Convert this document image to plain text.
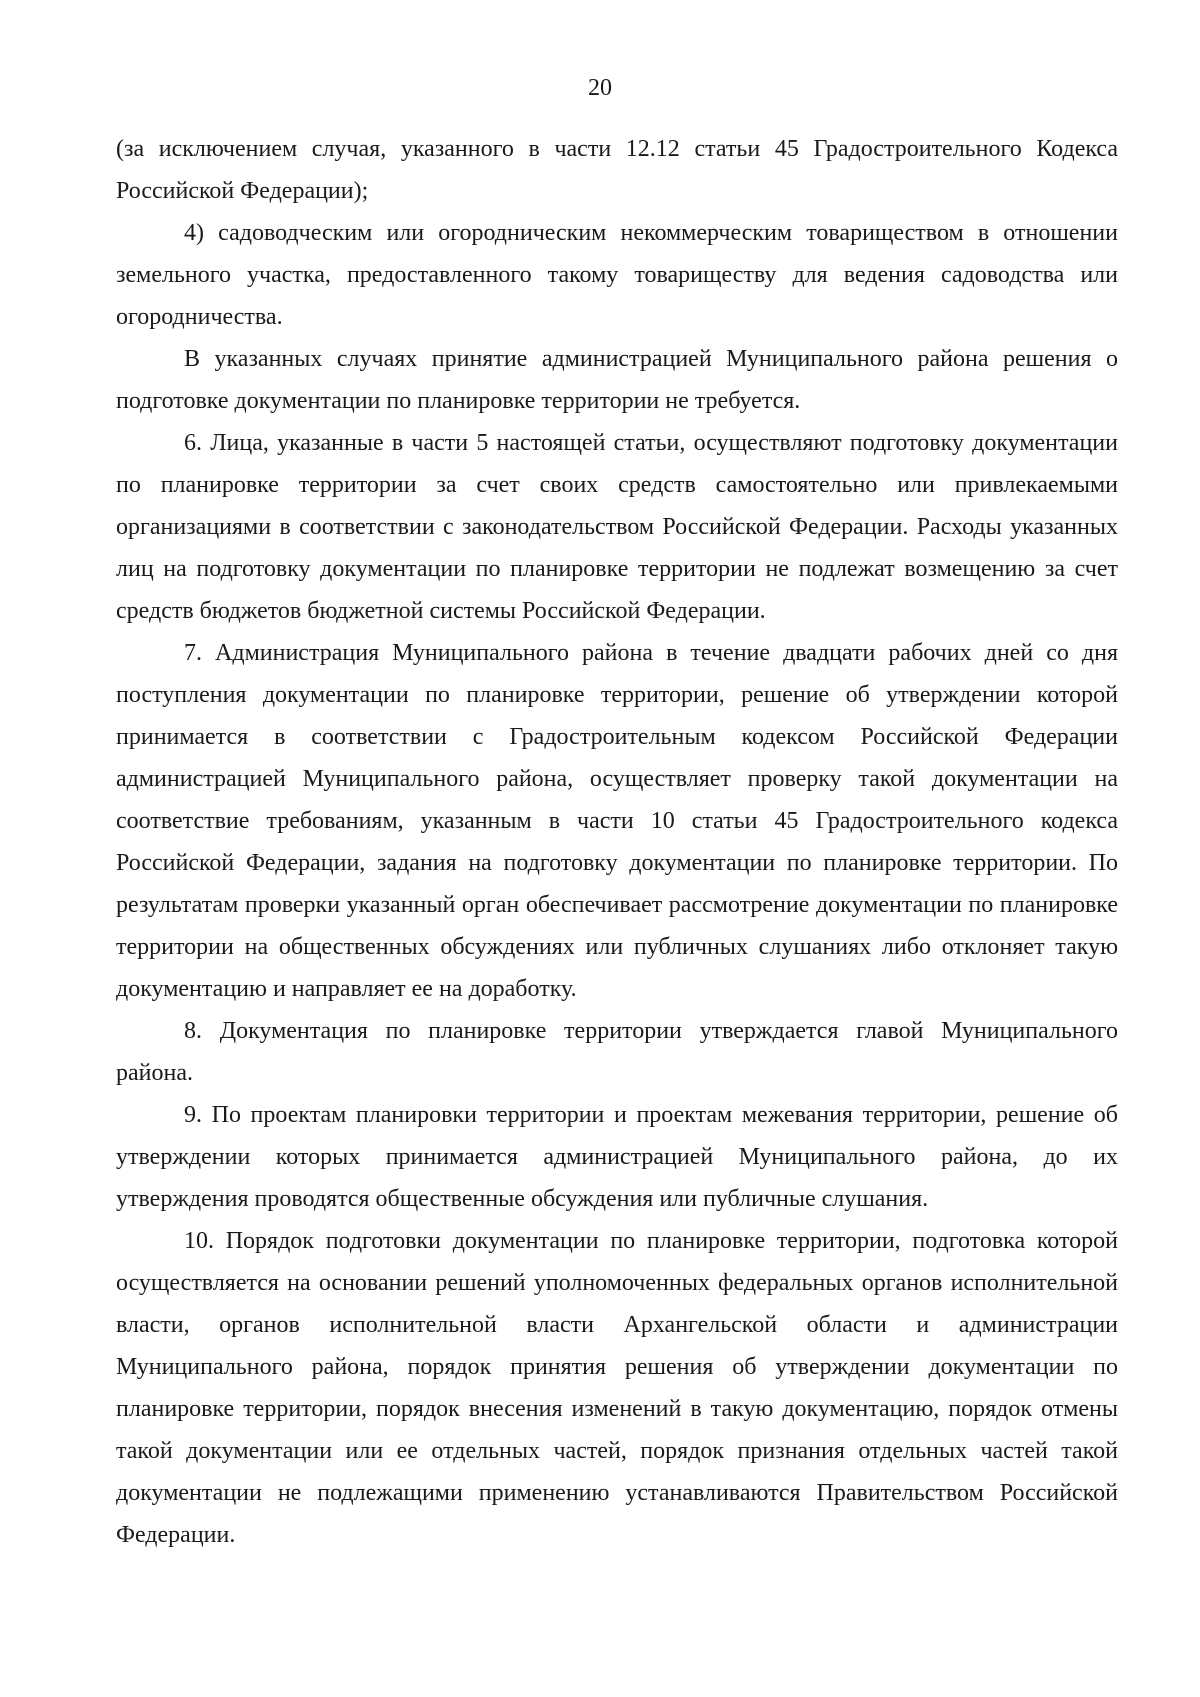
20

(за исключением случая, указанного в части 12.12 статьи 45 Градостроительного Кодекса Российской Федерации);

4) садоводческим или огородническим некоммерческим товариществом в отношении земельного участка, предоставленного такому товариществу для ведения садоводства или огородничества.

В указанных случаях принятие администрацией Муниципального района решения о подготовке документации по планировке территории не требуется.

6. Лица, указанные в части 5 настоящей статьи, осуществляют подготовку документации по планировке территории за счет своих средств самостоятельно или привлекаемыми организациями в соответствии с законодательством Российской Федерации. Расходы указанных лиц на подготовку документации по планировке территории не подлежат возмещению за счет средств бюджетов бюджетной системы Российской Федерации.

7. Администрация Муниципального района в течение двадцати рабочих дней со дня поступления документации по планировке территории, решение об утверждении которой принимается в соответствии с Градостроительным кодексом Российской Федерации администрацией Муниципального района, осуществляет проверку такой документации на соответствие требованиям, указанным в части 10 статьи 45 Градостроительного кодекса Российской Федерации, задания на подготовку документации по планировке территории. По результатам проверки указанный орган обеспечивает рассмотрение документации по планировке территории на общественных обсуждениях или публичных слушаниях либо отклоняет такую документацию и направляет ее на доработку.

8. Документация по планировке территории утверждается главой Муниципального района.

9. По проектам планировки территории и проектам межевания территории, решение об утверждении которых принимается администрацией Муниципального района, до их утверждения проводятся общественные обсуждения или публичные слушания.

10. Порядок подготовки документации по планировке территории, подготовка которой осуществляется на основании решений уполномоченных федеральных органов исполнительной власти, органов исполнительной власти Архангельской области и администрации Муниципального района, порядок принятия решения об утверждении документации по планировке территории, порядок внесения изменений в такую документацию, порядок отмены такой документации или ее отдельных частей, порядок признания отдельных частей такой документации не подлежащими применению устанавливаются Правительством Российской Федерации.
